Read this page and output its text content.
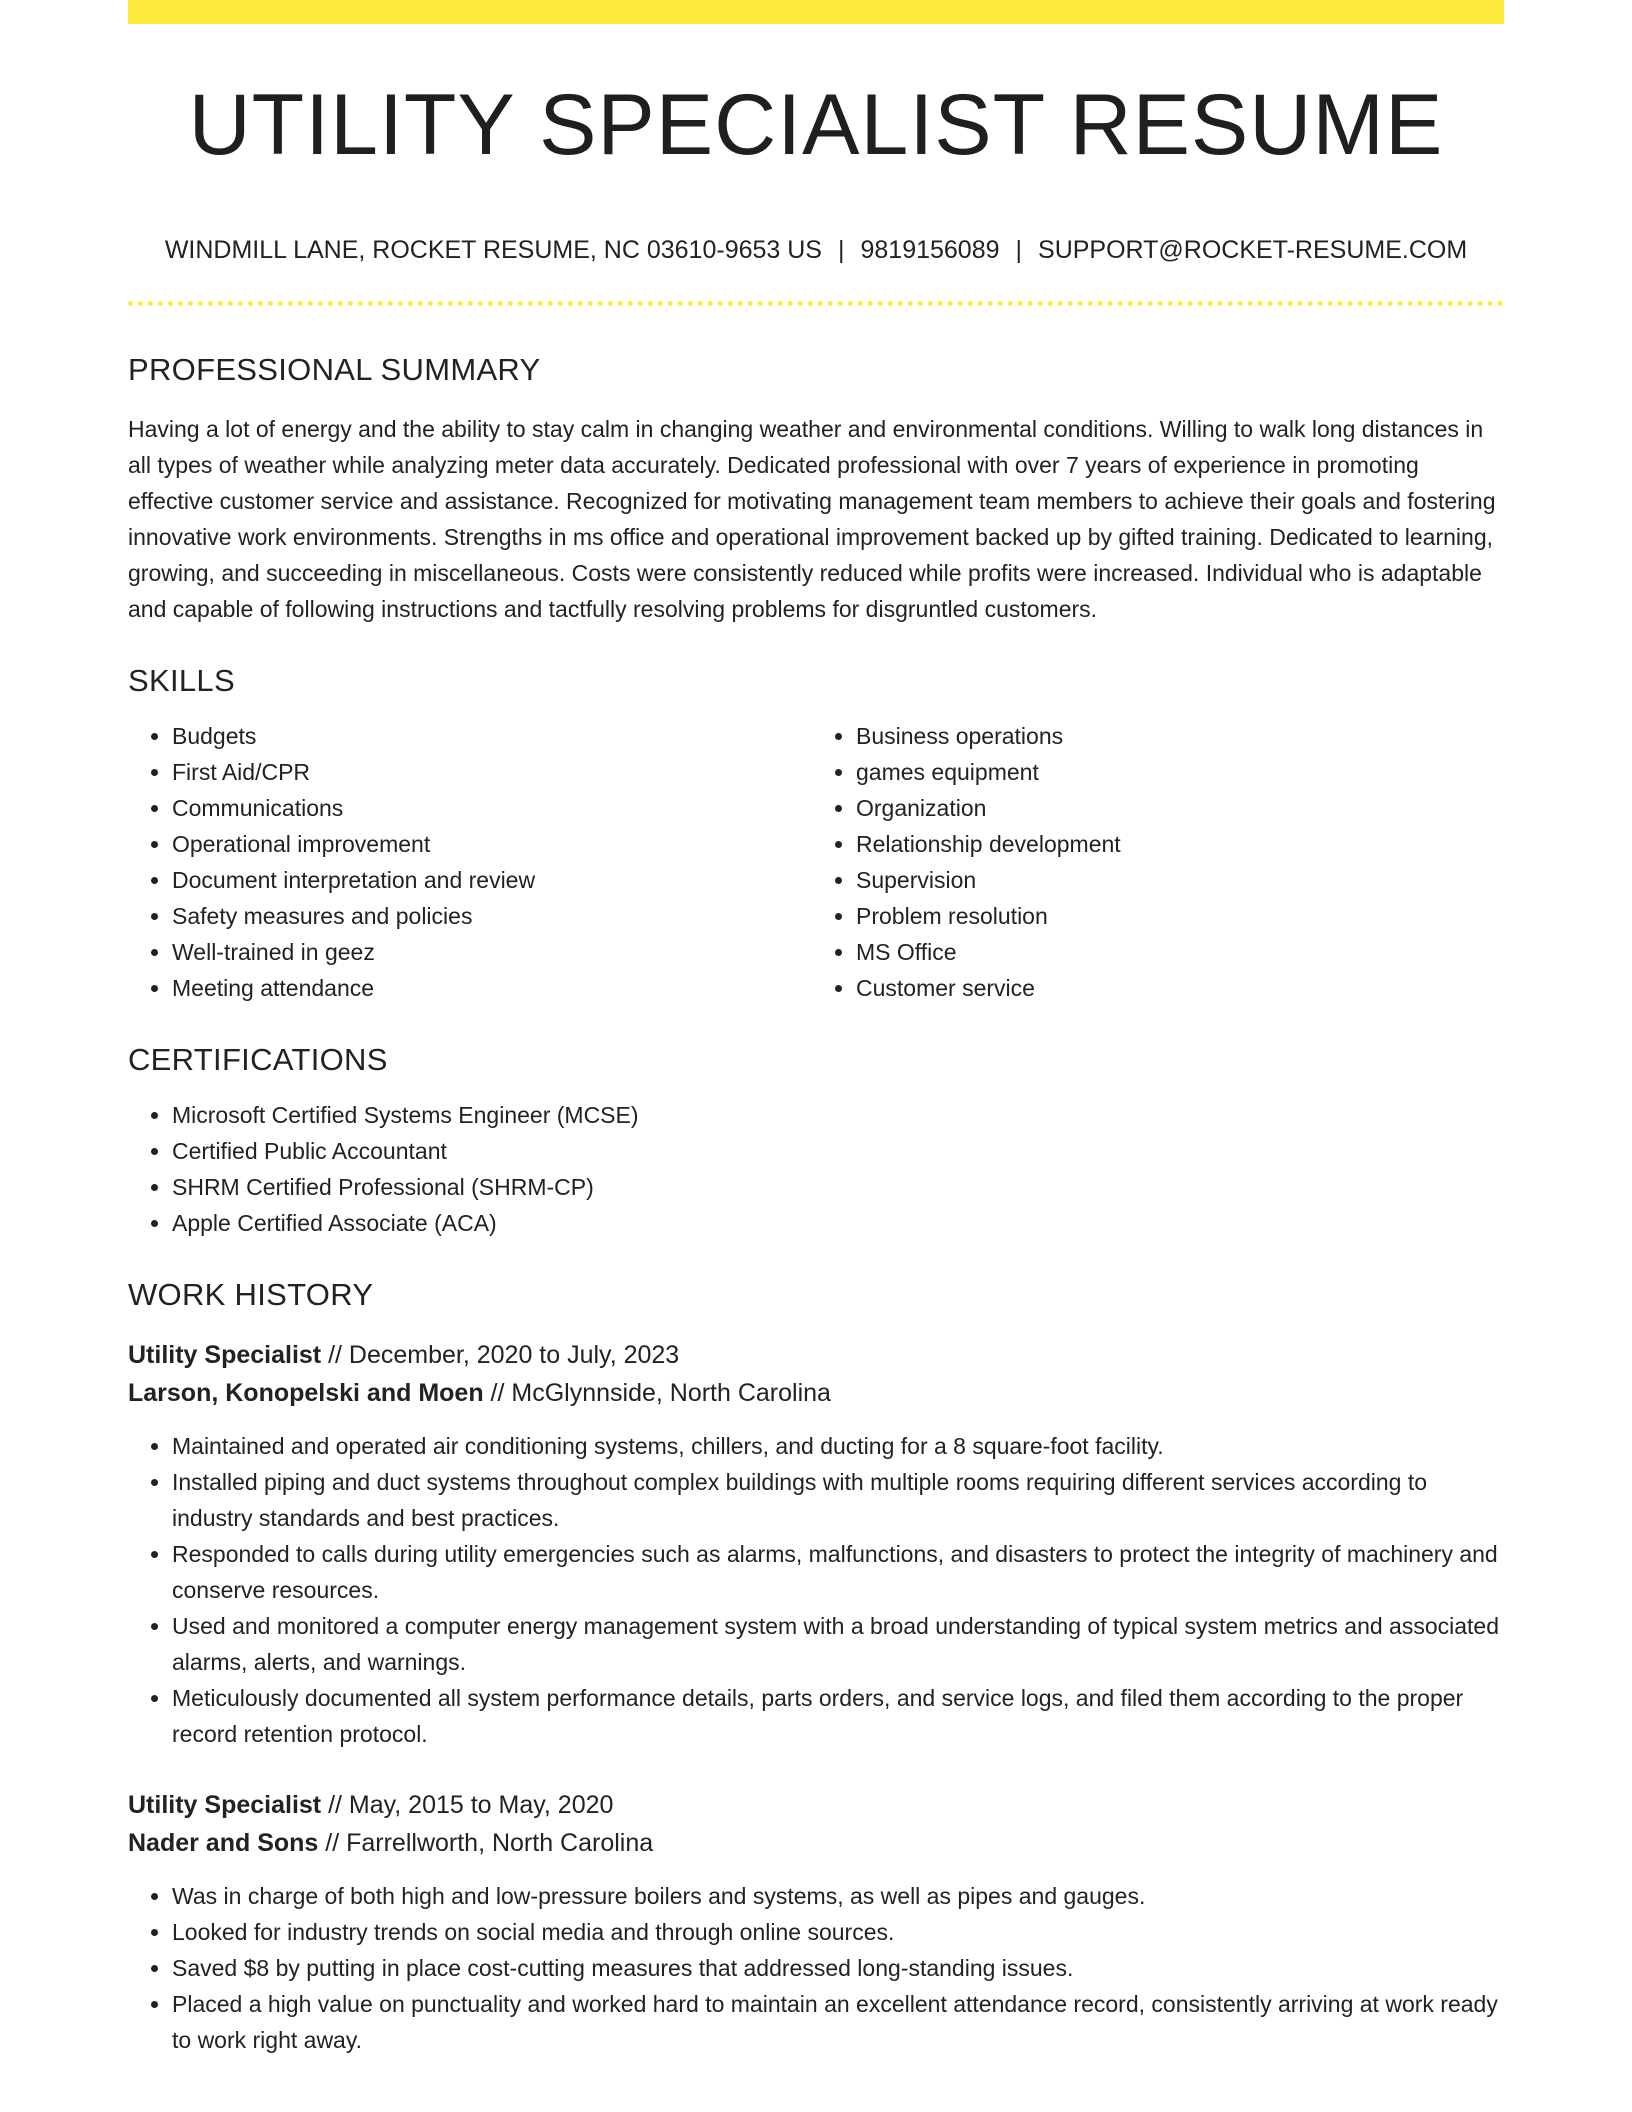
UTILITY SPECIALIST RESUME
WINDMILL LANE, ROCKET RESUME, NC 03610-9653 US | 9819156089 | SUPPORT@ROCKET-RESUME.COM
PROFESSIONAL SUMMARY

Having a lot of energy and the ability to stay calm in changing weather and environmental conditions. Willing to walk long distances in all types of weather while analyzing meter data accurately. Dedicated professional with over 7 years of experience in promoting effective customer service and assistance. Recognized for motivating management team members to achieve their goals and fostering innovative work environments. Strengths in ms office and operational improvement backed up by gifted training. Dedicated to learning, growing, and succeeding in miscellaneous. Costs were consistently reduced while profits were increased. Individual who is adaptable and capable of following instructions and tactfully resolving problems for disgruntled customers.

SKILLS
• Budgets
• First Aid/CPR
• Communications
• Operational improvement
• Document interpretation and review
• Safety measures and policies
• Well-trained in geez
• Meeting attendance
• Business operations
• games equipment
• Organization
• Relationship development
• Supervision
• Problem resolution
• MS Office
• Customer service
CERTIFICATIONS
• Microsoft Certified Systems Engineer (MCSE)
• Certified Public Accountant
• SHRM Certified Professional (SHRM-CP)
• Apple Certified Associate (ACA)
WORK HISTORY
Utility Specialist // December, 2020 to July, 2023
Larson, Konopelski and Moen // McGlynnside, North Carolina
• Maintained and operated air conditioning systems, chillers, and ducting for a 8 square-foot facility.
• Installed piping and duct systems throughout complex buildings with multiple rooms requiring different services according to industry standards and best practices.
• Responded to calls during utility emergencies such as alarms, malfunctions, and disasters to protect the integrity of machinery and conserve resources.
• Used and monitored a computer energy management system with a broad understanding of typical system metrics and associated alarms, alerts, and warnings.
• Meticulously documented all system performance details, parts orders, and service logs, and filed them according to the proper record retention protocol.
Utility Specialist // May, 2015 to May, 2020
Nader and Sons // Farrellworth, North Carolina
• Was in charge of both high and low-pressure boilers and systems, as well as pipes and gauges.
• Looked for industry trends on social media and through online sources.
• Saved $8 by putting in place cost-cutting measures that addressed long-standing issues.
• Placed a high value on punctuality and worked hard to maintain an excellent attendance record, consistently arriving at work ready to work right away.
